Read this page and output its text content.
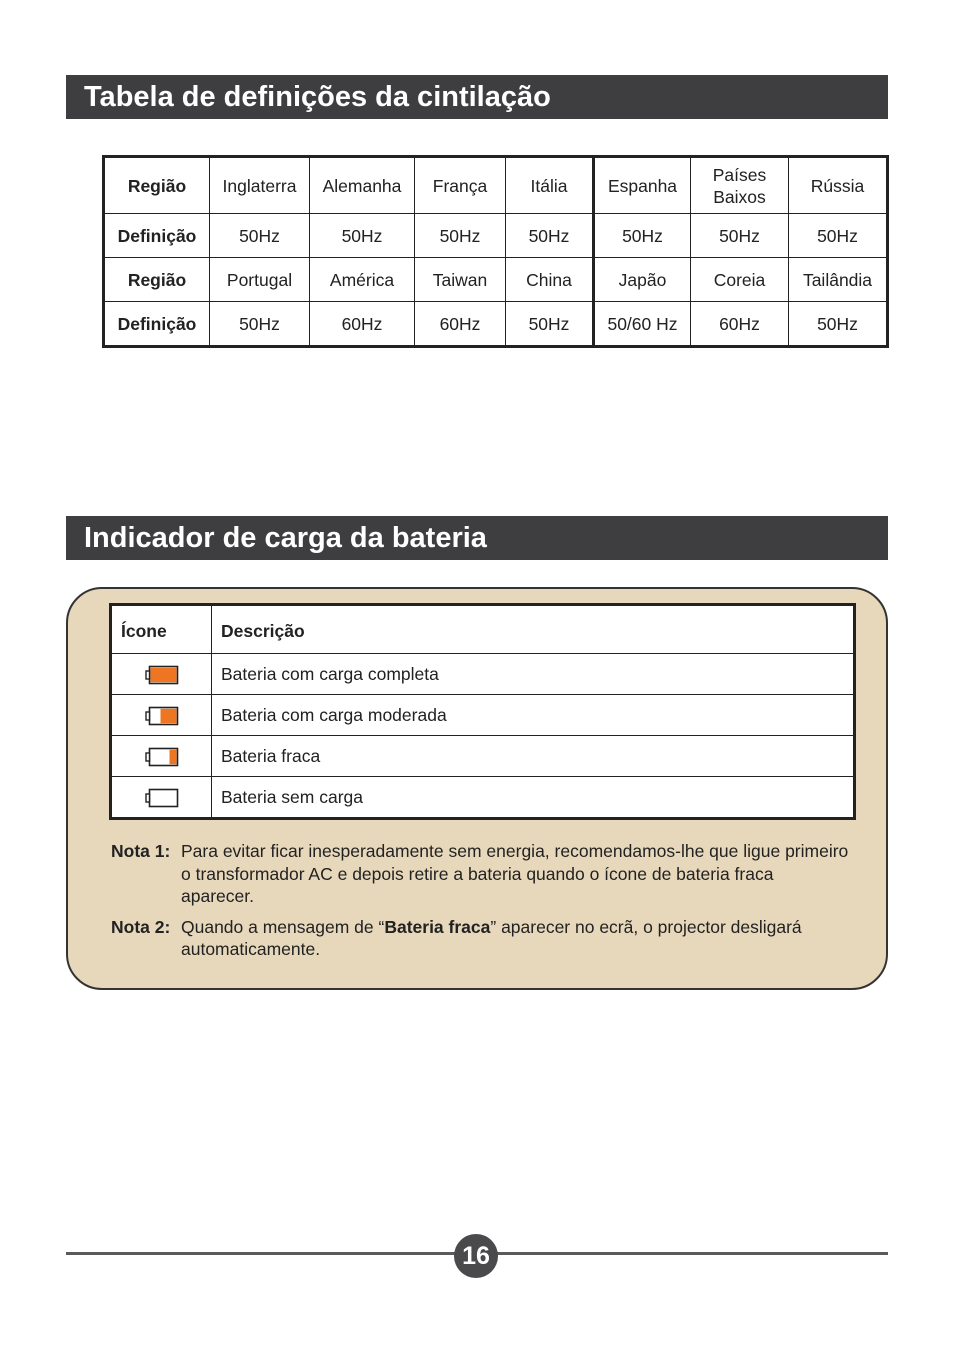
Tabela de definições da cintilação
Região	Inglaterra	Alemanha	França	Itália	Espanha	Países Baixos	Rússia
Definição	50Hz	50Hz	50Hz	50Hz	50Hz	50Hz	50Hz
Região	Portugal	América	Taiwan	China	Japão	Coreia	Tailândia
Definição	50Hz	60Hz	60Hz	50Hz	50/60 Hz	60Hz	50Hz
Indicador de carga da bateria
Ícone	Descrição

	Bateria com carga completa

	Bateria com carga moderada

	Bateria fraca

	Bateria sem carga
Nota 1: Para evitar ficar inesperadamente sem energia, recomendamos-lhe que ligue primeiro o transformador AC e depois retire a bateria quando o ícone de bateria fraca aparecer.
Nota 2: Quando a mensagem de “Bateria fraca” aparecer no ecrã, o projector desligará automaticamente.
16
